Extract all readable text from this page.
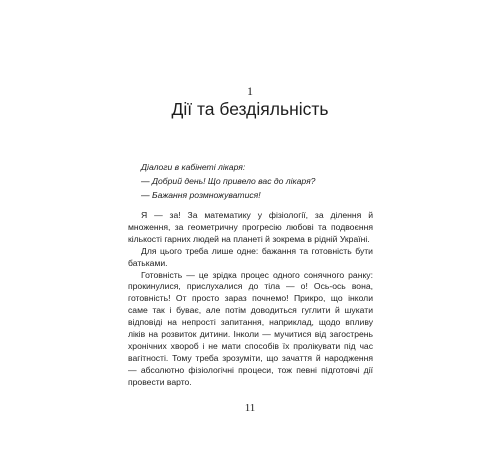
1
Дії та бездіяльність
Діалоги в кабінеті лікаря:
— Добрий день! Що привело вас до лікаря?
— Бажання розмножуватися!

Я — за! За математику у фізіології, за ділення й множення, за геометричну прогресію любові та подвоєння кількості гарних людей на планеті й зокрема в рідній Україні.

Для цього треба лише одне: бажання та готовність бути батьками.

Готовність — це зрідка процес одного сонячного ранку: прокинулися, прислухалися до тіла — о! Ось-ось вона, готовність! От просто зараз почнемо! Прикро, що інколи саме так і буває, але потім доводиться гуглити й шукати відповіді на непрості запитання, наприклад, щодо впливу ліків на розвиток дитини. Інколи — мучитися від загострень хронічних хвороб і не мати способів їх пролікувати під час вагітності. Тому треба зрозуміти, що зачаття й народження — абсолютно фізіологічні процеси, тож певні підготовчі дії провести варто.

11
